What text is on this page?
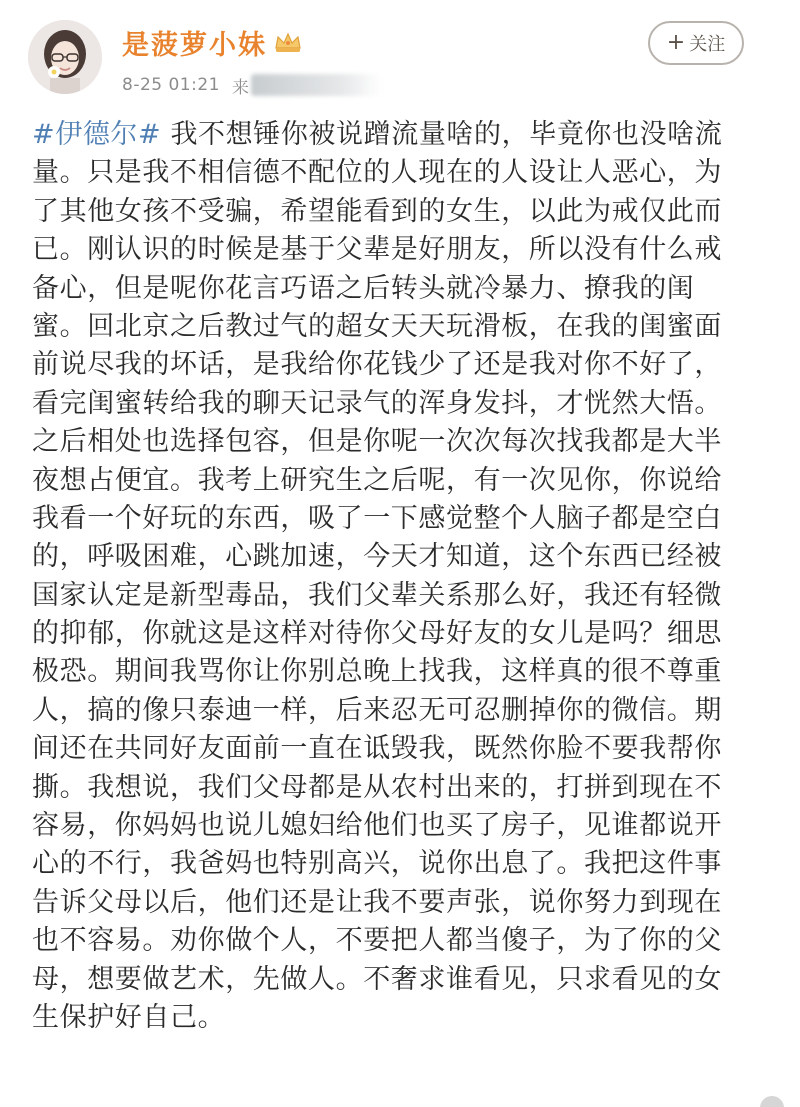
是菠萝小妹
8-25 01:21 来
+ 关注
#伊德尔# 我不想锤你被说蹭流量啥的，毕竟你也没啥流
量。只是我不相信德不配位的人现在的人设让人恶心，为
了其他女孩不受骗，希望能看到的女生，以此为戒仅此而
已。刚认识的时候是基于父辈是好朋友，所以没有什么戒
备心，但是呢你花言巧语之后转头就冷暴力、撩我的闺
蜜。回北京之后教过气的超女天天玩滑板，在我的闺蜜面
前说尽我的坏话，是我给你花钱少了还是我对你不好了，
看完闺蜜转给我的聊天记录气的浑身发抖，才恍然大悟。
之后相处也选择包容，但是你呢一次次每次找我都是大半
夜想占便宜。我考上研究生之后呢，有一次见你，你说给
我看一个好玩的东西，吸了一下感觉整个人脑子都是空白
的，呼吸困难，心跳加速，今天才知道，这个东西已经被
国家认定是新型毒品，我们父辈关系那么好，我还有轻微
的抑郁，你就这是这样对待你父母好友的女儿是吗？细思
极恐。期间我骂你让你别总晚上找我，这样真的很不尊重
人，搞的像只泰迪一样，后来忍无可忍删掉你的微信。期
间还在共同好友面前一直在诋毁我，既然你脸不要我帮你
撕。我想说，我们父母都是从农村出来的，打拼到现在不
容易，你妈妈也说儿媳妇给他们也买了房子，见谁都说开
心的不行，我爸妈也特别高兴，说你出息了。我把这件事
告诉父母以后，他们还是让我不要声张，说你努力到现在
也不容易。劝你做个人，不要把人都当傻子，为了你的父
母，想要做艺术，先做人。不奢求谁看见，只求看见的女
生保护好自己。
